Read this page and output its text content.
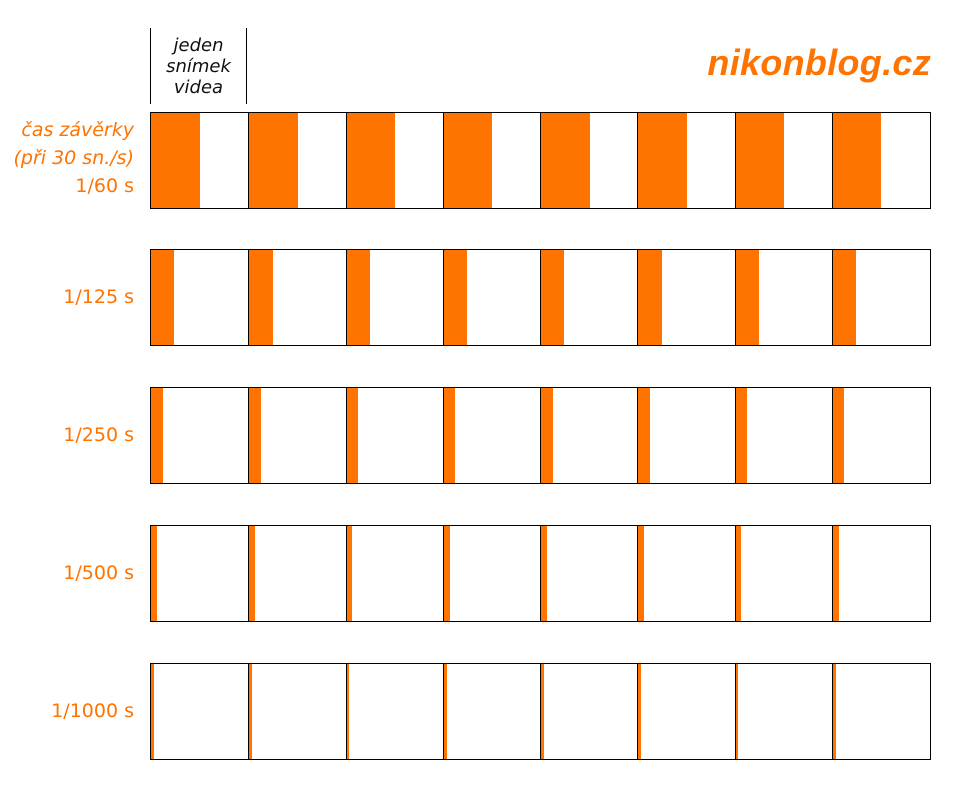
jeden
snímek
videa
nikonblog.cz
čas závěrky
(při 30 sn./s)
1/60 s
1/125 s
1/250 s
1/500 s
1/1000 s
